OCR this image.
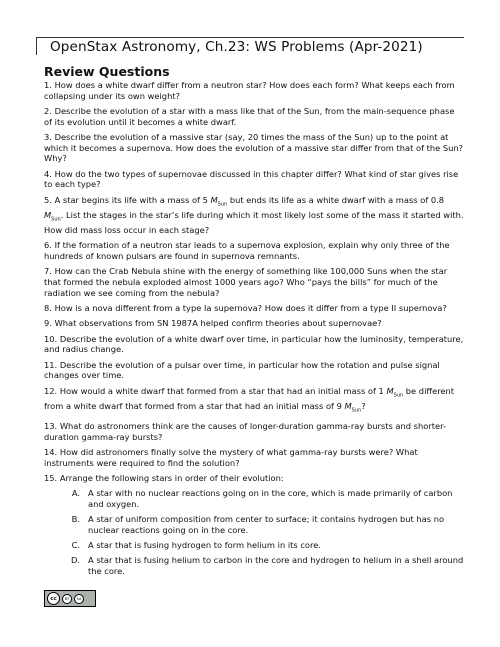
OpenStax Astronomy, Ch.23: WS Problems (Apr-2021)
Review Questions
1. How does a white dwarf differ from a neutron star? How does each form? What keeps each from collapsing under its own weight?
2. Describe the evolution of a star with a mass like that of the Sun, from the main-sequence phase of its evolution until it becomes a white dwarf.
3. Describe the evolution of a massive star (say, 20 times the mass of the Sun) up to the point at which it becomes a supernova. How does the evolution of a massive star differ from that of the Sun? Why?
4. How do the two types of supernovae discussed in this chapter differ? What kind of star gives rise to each type?
5. A star begins its life with a mass of 5 $M_{Sun}$ but ends its life as a white dwarf with a mass of 0.8 $M_{Sun}$. List the stages in the star’s life during which it most likely lost some of the mass it started with. How did mass loss occur in each stage?
6. If the formation of a neutron star leads to a supernova explosion, explain why only three of the hundreds of known pulsars are found in supernova remnants.
7. How can the Crab Nebula shine with the energy of something like 100,000 Suns when the star that formed the nebula exploded almost 1000 years ago? Who “pays the bills” for much of the radiation we see coming from the nebula?
8. How is a nova different from a type Ia supernova? How does it differ from a type II supernova?
9. What observations from SN 1987A helped confirm theories about supernovae?
10. Describe the evolution of a white dwarf over time, in particular how the luminosity, temperature, and radius change.
11. Describe the evolution of a pulsar over time, in particular how the rotation and pulse signal changes over time.
12. How would a white dwarf that formed from a star that had an initial mass of 1 $M_{Sun}$ be different from a white dwarf that formed from a star that had an initial mass of 9 $M_{Sun}$?
13. What do astronomers think are the causes of longer-duration gamma-ray bursts and shorter-duration gamma-ray bursts?
14. How did astronomers finally solve the mystery of what gamma-ray bursts were? What instruments were required to find the solution?
15. Arrange the following stars in order of their evolution:
A. A star with no nuclear reactions going on in the core, which is made primarily of carbon and oxygen.
B. A star of uniform composition from center to surface; it contains hydrogen but has no nuclear reactions going on in the core.
C. A star that is fusing hydrogen to form helium in its core.
D. A star that is fusing helium to carbon in the core and hydrogen to helium in a shell around the core.
cc BY SA
